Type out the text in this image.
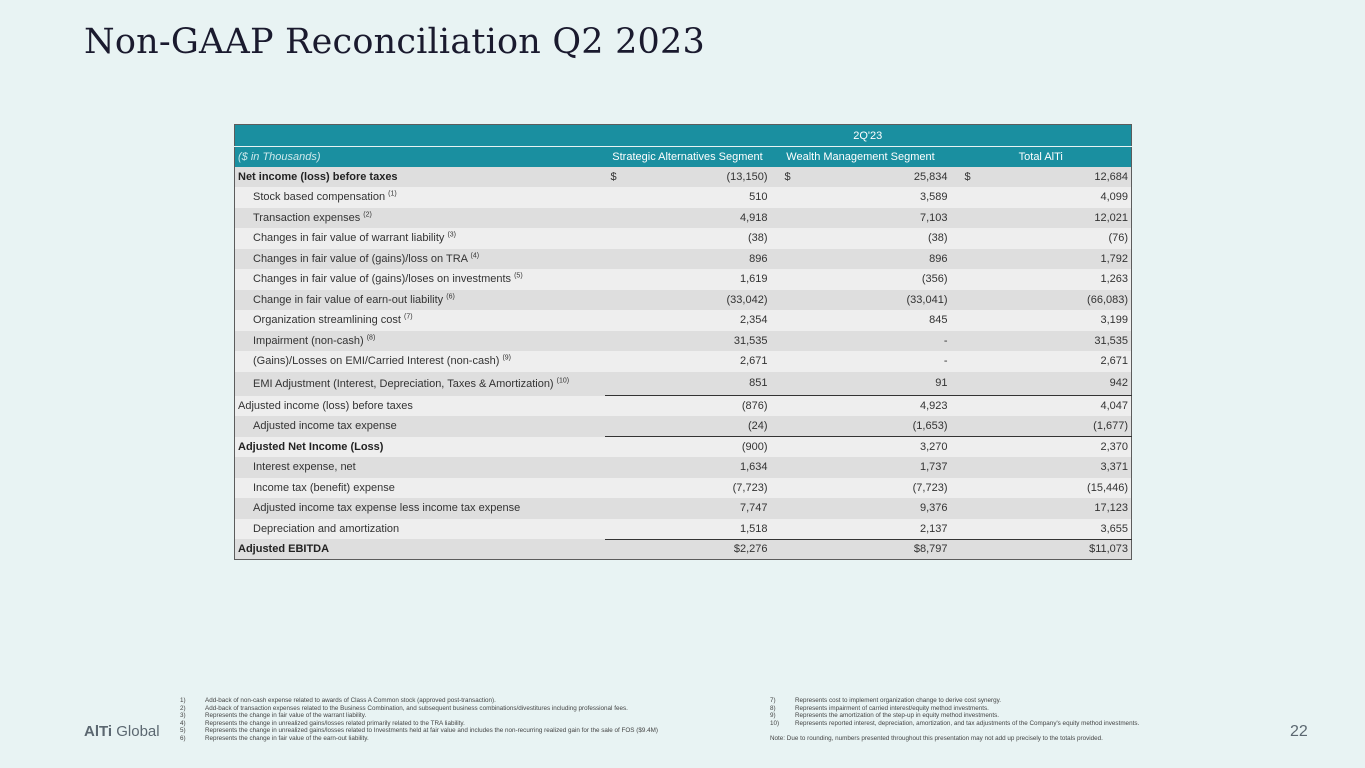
Non-GAAP Reconciliation Q2 2023
	2Q'23		
($ in Thousands)	Strategic Alternatives Segment	Wealth Management Segment	Total AlTi
Net income (loss) before taxes	$ (13,150)	$ 25,834	$ 12,684
Stock based compensation $^{(1)}$	510	3,589	4,099
Transaction expenses $^{(2)}$	4,918	7,103	12,021
Changes in fair value of warrant liability $^{(3)}$	(38)	(38)	(76)
Changes in fair value of (gains)/loss on TRA $^{(4)}$	896	896	1,792
Changes in fair value of (gains)/loses on investments $^{(5)}$	1,619	(356)	1,263
Change in fair value of earn-out liability $^{(6)}$	(33,042)	(33,041)	(66,083)
Organization streamlining cost $^{(7)}$	2,354	845	3,199
Impairment (non-cash) $^{(8)}$	31,535	-	31,535
(Gains)/Losses on EMI/Carried Interest (non-cash) $^{(9)}$	2,671	-	2,671
EMI Adjustment (Interest, Depreciation, Taxes & Amortization) $^{(10)}$	851	91	942
Adjusted income (loss) before taxes	(876)	4,923	4,047
Adjusted income tax expense	(24)	(1,653)	(1,677)
Adjusted Net Income (Loss)	(900)	3,270	2,370
Interest expense, net	1,634	1,737	3,371
Income tax (benefit) expense	(7,723)	(7,723)	(15,446)
Adjusted income tax expense less income tax expense	7,747	9,376	17,123
Depreciation and amortization	1,518	2,137	3,655
Adjusted EBITDA	$2,276	$8,797	$11,073
AlTi Global
1)	Add-back of non-cash expense related to awards of Class A Common stock (approved post-transaction).
2)	Add-back of transaction expenses related to the Business Combination, and subsequent business combinations/divestitures including professional fees.
3)	Represents the change in fair value of the warrant liability.
4)	Represents the change in unrealized gains/losses related primarily related to the TRA liability.
5)	Represents the change in unrealized gains/losses related to Investments held at fair value and includes the non-recurring realized gain for the sale of FOS ($9.4M)
6)	Represents the change in fair value of the earn-out liability.
7)	Represents cost to implement organization change to derive cost synergy.
8)	Represents impairment of carried interest/equity method investments.
9)	Represents the amortization of the step-up in equity method investments.
10)	Represents reported interest, depreciation, amortization, and tax adjustments of the Company's equity method investments.
Note: Due to rounding, numbers presented throughout this presentation may not add up precisely to the totals provided.	22
